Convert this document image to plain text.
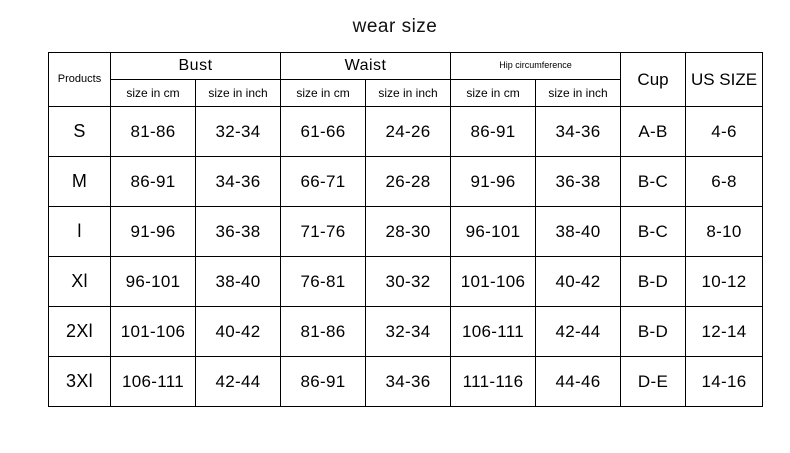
wear size
Products	Bust		Waist		Hip circumference		Cup	US SIZE
	size in cm	size in inch	size in cm	size in inch	size in cm	size in inch		
S	81-86	32-34	61-66	24-26	86-91	34-36	A-B	4-6
M	86-91	34-36	66-71	26-28	91-96	36-38	B-C	6-8
l	91-96	36-38	71-76	28-30	96-101	38-40	B-C	8-10
Xl	96-101	38-40	76-81	30-32	101-106	40-42	B-D	10-12
2Xl	101-106	40-42	81-86	32-34	106-111	42-44	B-D	12-14
3Xl	106-111	42-44	86-91	34-36	111-116	44-46	D-E	14-16
